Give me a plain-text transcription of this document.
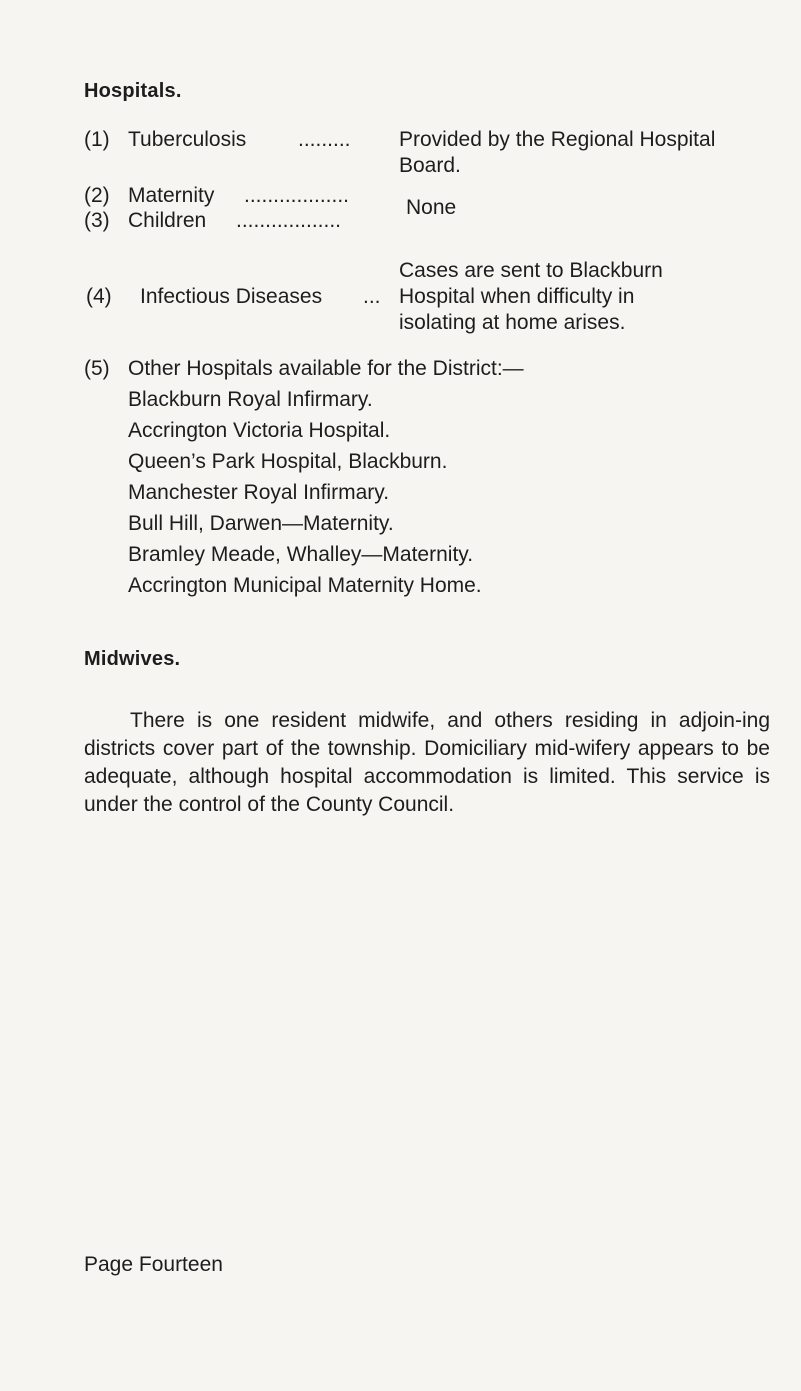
Hospitals.
(1) Tuberculosis ......... Provided by the Regional Hospital
Board.
(2) Maternity ..................
(3) Children ..................
None
Cases are sent to Blackburn
(4) Infectious Diseases ... Hospital when difficulty in
isolating at home arises.
(5) Other Hospitals available for the District:—
Blackburn Royal Infirmary.
Accrington Victoria Hospital.
Queen’s Park Hospital, Blackburn.
Manchester Royal Infirmary.
Bull Hill, Darwen—Maternity.
Bramley Meade, Whalley—Maternity.
Accrington Municipal Maternity Home.
Midwives.
There is one resident midwife, and others residing in adjoin-ing districts cover part of the township. Domiciliary mid-wifery appears to be adequate, although hospital accommodation is limited. This service is under the control of the County Council.
Page Fourteen
